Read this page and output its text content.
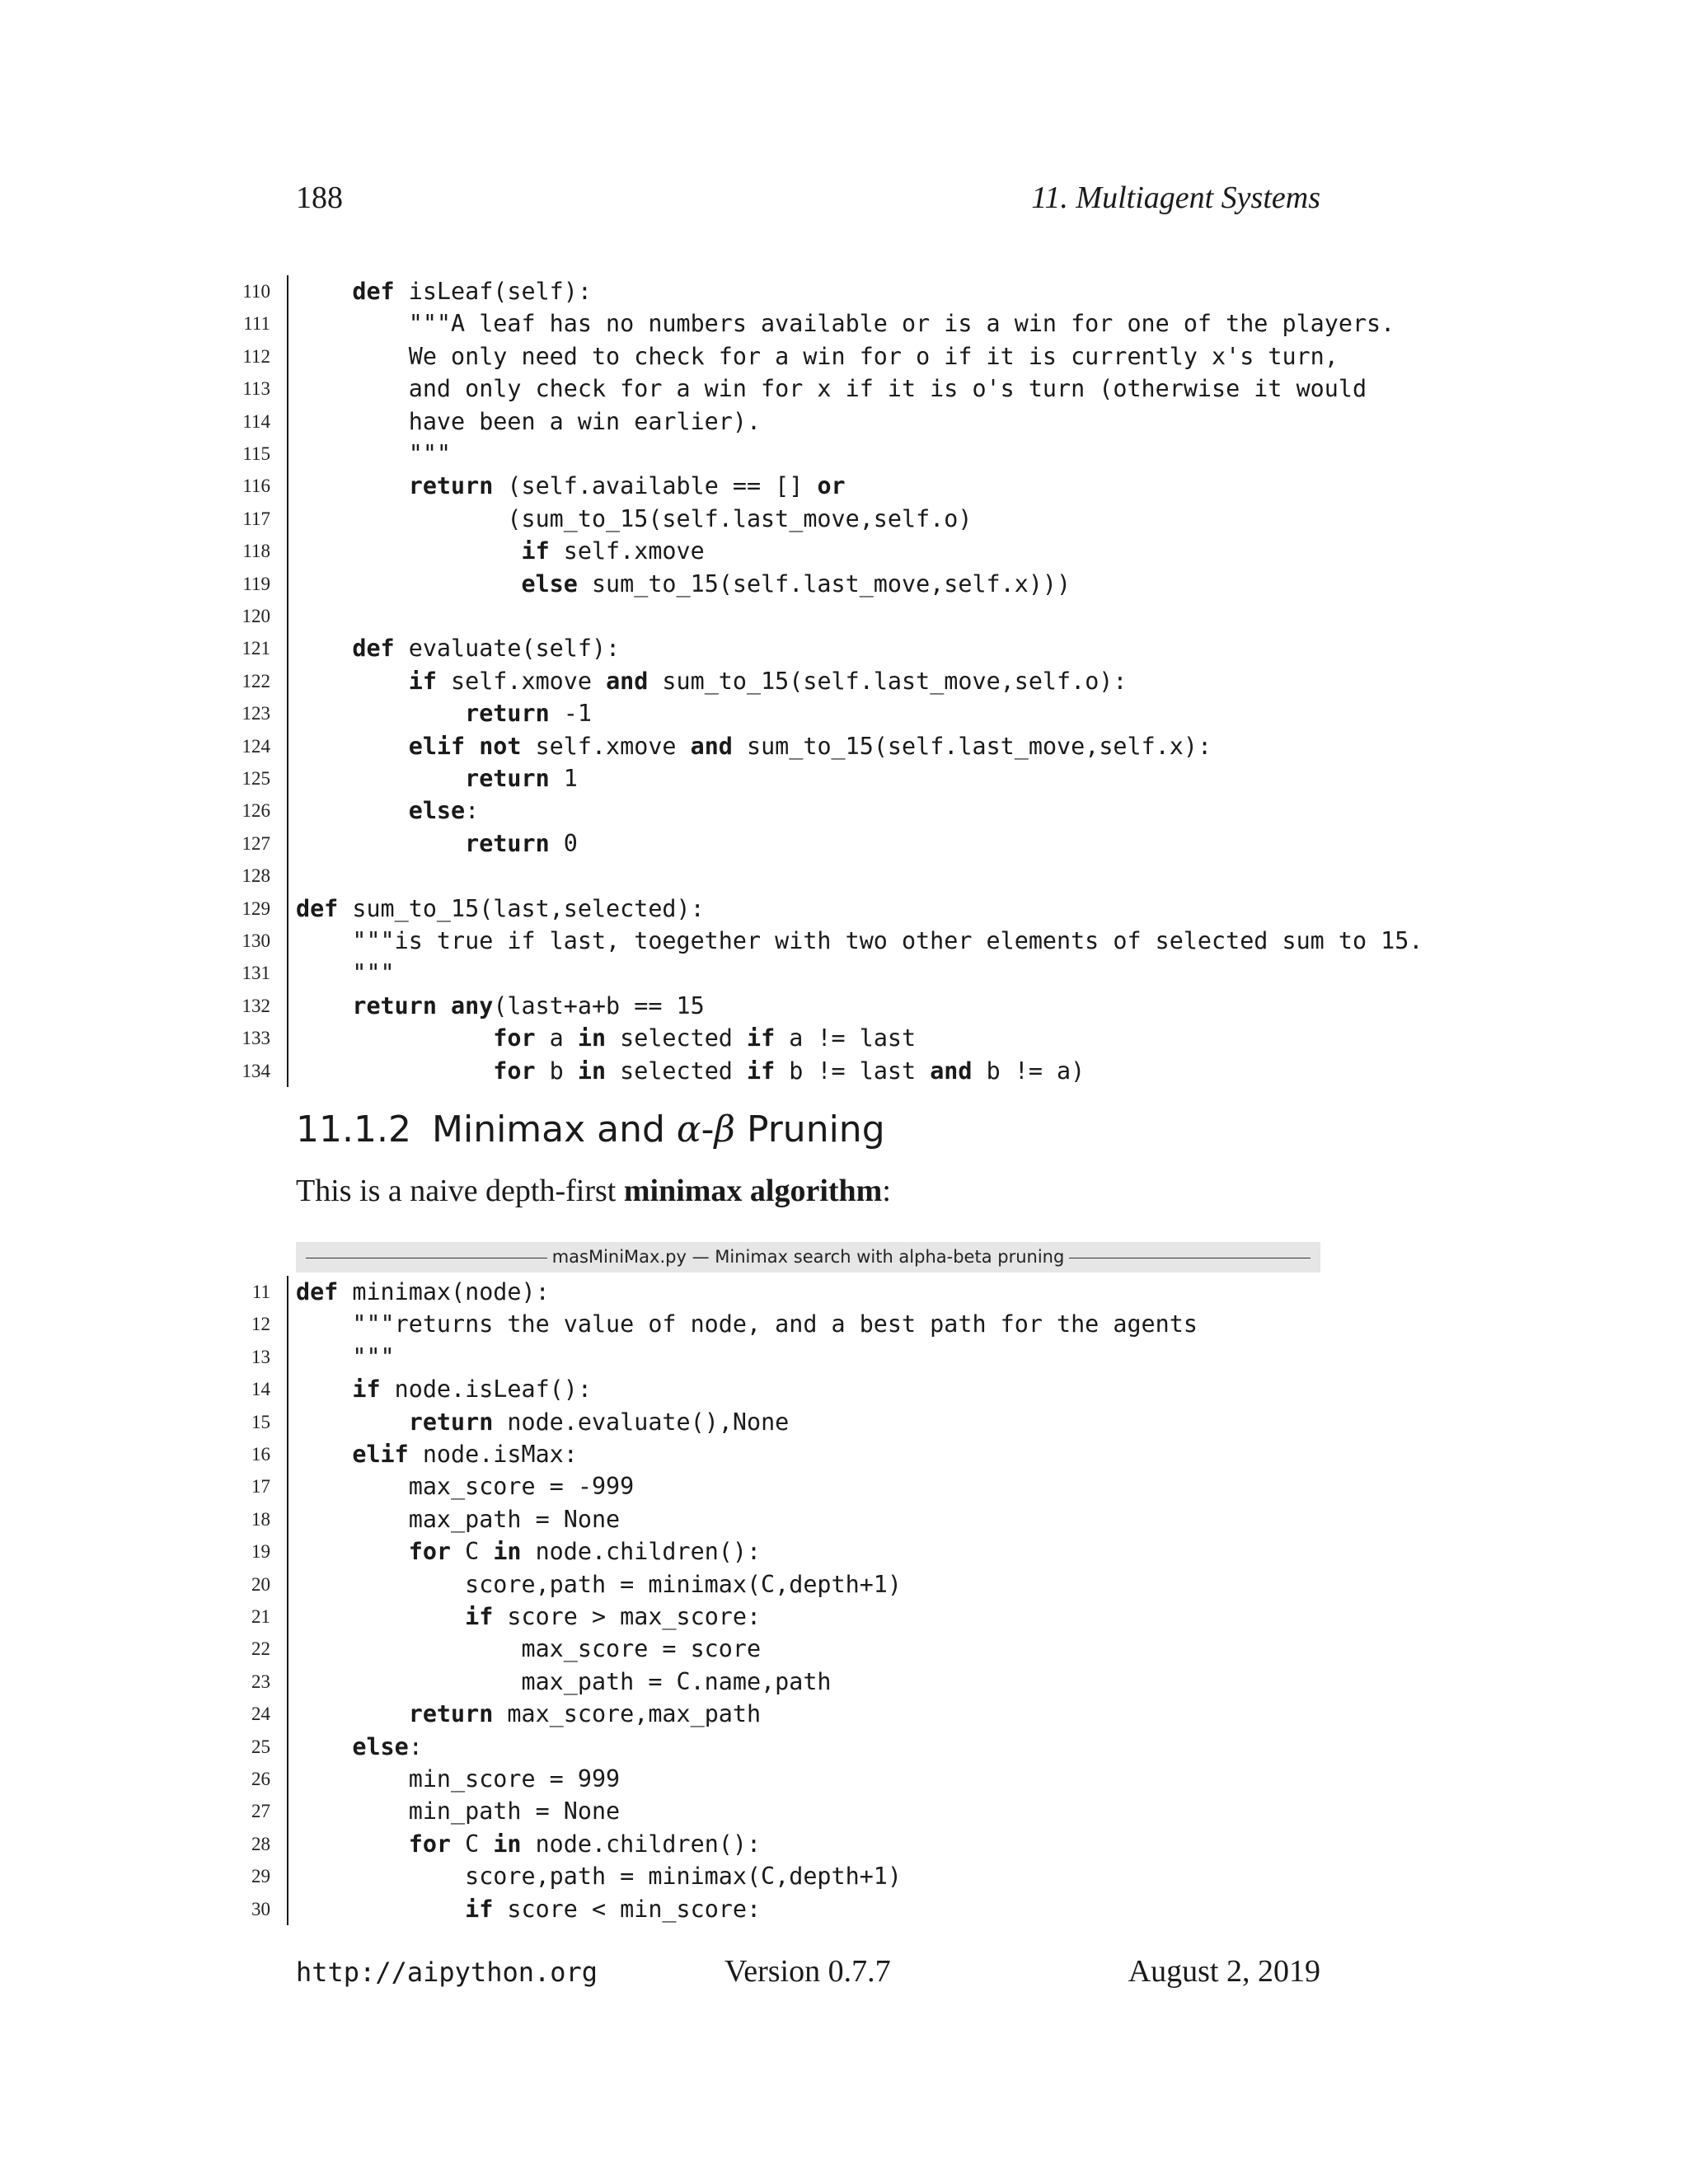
188	11. Multiagent Systems
110	def isLeaf(self):
111 """A leaf has no numbers available or is a win for one of the players.
112 We only need to check for a win for o if it is currently x's turn,
113 and only check for a win for x if it is o's turn (otherwise it would
114 have been a win earlier).
115 """
116	return (self.available == [] or
117 (sum_to_15(self.last_move,self.o)
118	if self.xmove
119	else sum_to_15(self.last_move,self.x)))
120
121	def evaluate(self):
122	if self.xmove and sum_to_15(self.last_move,self.o):
123	return -1
124	elif not self.xmove and sum_to_15(self.last_move,self.x):
125	return 1
126	else:
127	return 0
128
129 def sum_to_15(last,selected):
130 """is true if last, toegether with two other elements of selected sum to 15.
131 """
132	return any(last+a+b == 15
133	for a in selected if a != last
134	for b in selected if b != last and b != a)
11.1.2 Minimax and α-β Pruning

This is a naive depth-first minimax algorithm:

masMiniMax.py — Minimax search with alpha-beta pruning
11 def minimax(node):
12 """returns the value of node, and a best path for the agents
13 """
14	if node.isLeaf():
15	return node.evaluate(),None
16	elif node.isMax:
17 max_score = -999
18 max_path = None
19	for C in node.children():
20 score,path = minimax(C,depth+1)
21	if score > max_score:
22 max_score = score
23 max_path = C.name,path
24	return max_score,max_path
25	else:
26 min_score = 999
27 min_path = None
28	for C in node.children():
29 score,path = minimax(C,depth+1)
30	if score < min_score:
http://aipython.org	Version 0.7.7	August 2, 2019
